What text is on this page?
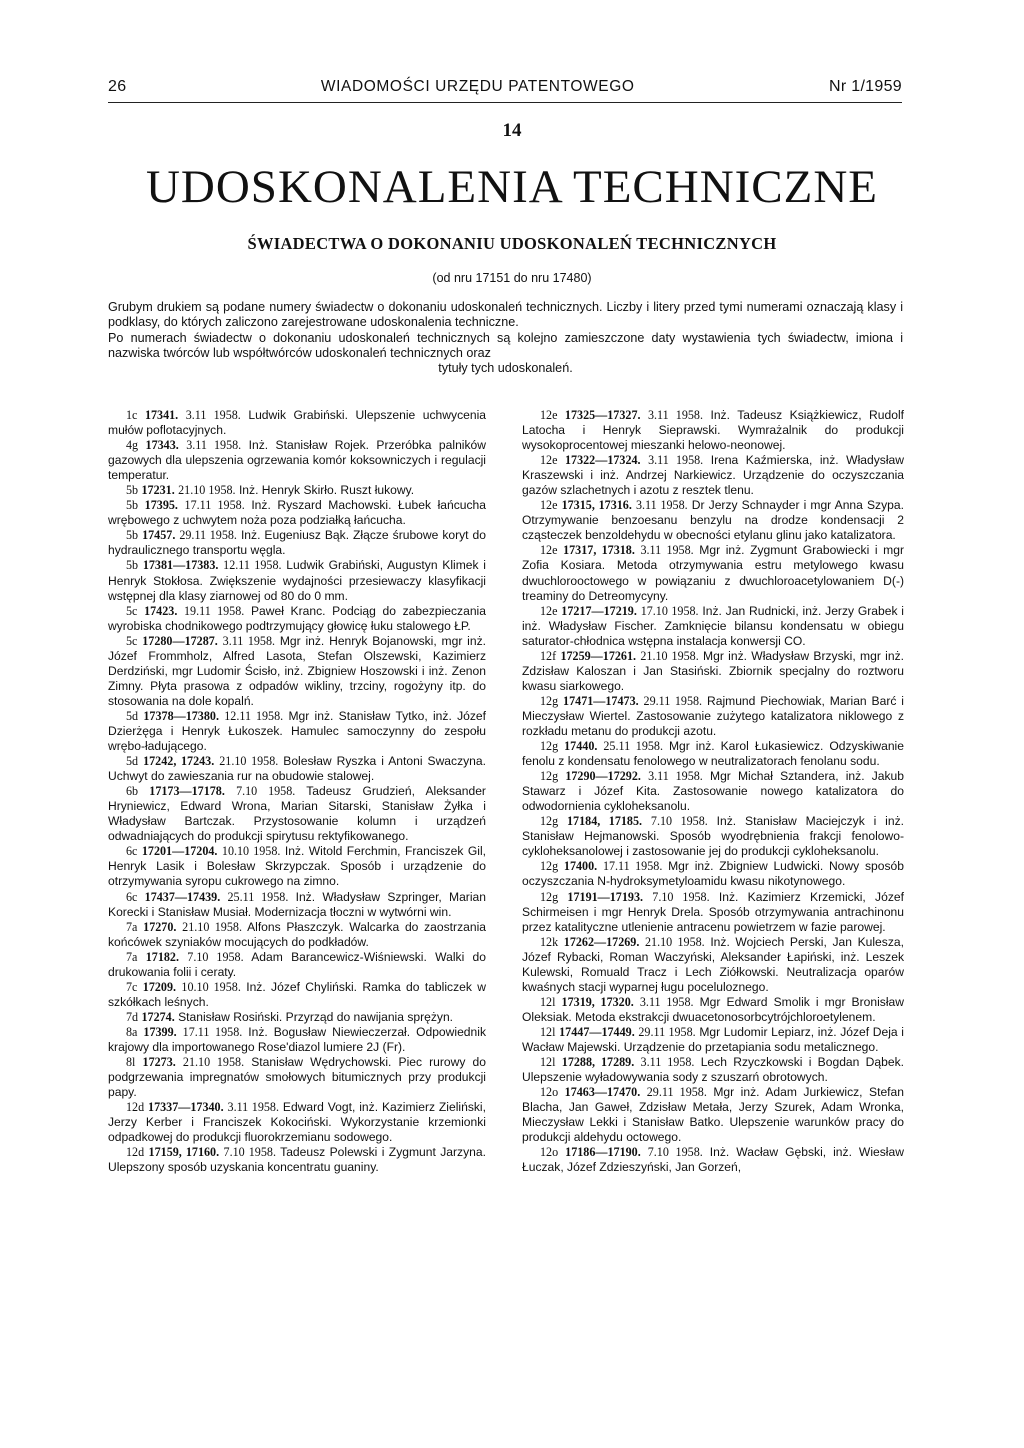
26	WIADOMOŚCI URZĘDU PATENTOWEGO	Nr 1/1959
14
UDOSKONALENIA TECHNICZNE
ŚWIADECTWA O DOKONANIU UDOSKONALEŃ TECHNICZNYCH
(od nru 17151 do nru 17480)

Grubym drukiem są podane numery świadectw o dokonaniu udoskonaleń technicznych. Liczby i litery przed tymi numerami oznaczają klasy i podklasy, do których zaliczono zarejestrowane udoskonalenia techniczne.

Po numerach świadectw o dokonaniu udoskonaleń technicznych są kolejno zamieszczone daty wystawienia tych świadectw, imiona i nazwiska twórców lub współtwórców udoskonaleń technicznych oraz

tytuły tych udoskonaleń.

1c 17341. 3.11 1958. Ludwik Grabiński. Ulepszenie uchwycenia mułów poflotacyjnych.

4g 17343. 3.11 1958. Inż. Stanisław Rojek. Przeróbka palników gazowych dla ulepszenia ogrzewania komór koksowniczych i regulacji temperatur.

5b 17231. 21.10 1958. Inż. Henryk Skirło. Ruszt łukowy.

5b 17395. 17.11 1958. Inż. Ryszard Machowski. Łubek łańcucha wrębowego z uchwytem noża poza podziałką łańcucha.

5b 17457. 29.11 1958. Inż. Eugeniusz Bąk. Złącze śrubowe koryt do hydraulicznego transportu węgla.

5b 17381—17383. 12.11 1958. Ludwik Grabiński, Augustyn Klimek i Henryk Stokłosa. Zwiększenie wydajności przesiewaczy klasyfikacji wstępnej dla klasy ziarnowej od 80 do 0 mm.

5c 17423. 19.11 1958. Paweł Kranc. Podciąg do zabezpieczania wyrobiska chodnikowego podtrzymujący głowicę łuku stalowego ŁP.

5c 17280—17287. 3.11 1958. Mgr inż. Henryk Bojanowski, mgr inż. Józef Frommholz, Alfred Lasota, Stefan Olszewski, Kazimierz Derdziński, mgr Ludomir Ścisło, inż. Zbigniew Hoszowski i inż. Zenon Zimny. Płyta prasowa z odpadów wikliny, trzciny, rogożyny itp. do stosowania na dole kopalń.

5d 17378—17380. 12.11 1958. Mgr inż. Stanisław Tytko, inż. Józef Dzierżęga i Henryk Łukoszek. Hamulec samoczynny do zespołu wrębo-ładującego.

5d 17242, 17243. 21.10 1958. Bolesław Ryszka i Antoni Swaczyna. Uchwyt do zawieszania rur na obudowie stalowej.

6b 17173—17178. 7.10 1958. Tadeusz Grudzień, Aleksander Hryniewicz, Edward Wrona, Marian Sitarski, Stanisław Żyłka i Władysław Bartczak. Przystosowanie kolumn i urządzeń odwadniających do produkcji spirytusu rektyfikowanego.

6c 17201—17204. 10.10 1958. Inż. Witold Ferchmin, Franciszek Gil, Henryk Lasik i Bolesław Skrzypczak. Sposób i urządzenie do otrzymywania syropu cukrowego na zimno.

6c 17437—17439. 25.11 1958. Inż. Władysław Szpringer, Marian Korecki i Stanisław Musiał. Modernizacja tłoczni w wytwórni win.

7a 17270. 21.10 1958. Alfons Płaszczyk. Walcarka do zaostrzania końcówek szyniaków mocujących do podkładów.

7a 17182. 7.10 1958. Adam Barancewicz-Wiśniewski. Walki do drukowania folii i ceraty.

7c 17209. 10.10 1958. Inż. Józef Chyliński. Ramka do tabliczek w szkółkach leśnych.

7d 17274. Stanisław Rosiński. Przyrząd do nawijania sprężyn.

8a 17399. 17.11 1958. Inż. Bogusław Niewieczerzał. Odpowiednik krajowy dla importowanego Rose'diazol lumiere 2J (Fr).

8l 17273. 21.10 1958. Stanisław Wędrychowski. Piec rurowy do podgrzewania impregnatów smołowych bitumicznych przy produkcji papy.

12d 17337—17340. 3.11 1958. Edward Vogt, inż. Kazimierz Zieliński, Jerzy Kerber i Franciszek Kokociński. Wykorzystanie krzemionki odpadkowej do produkcji fluorokrzemianu sodowego.

12d 17159, 17160. 7.10 1958. Tadeusz Polewski i Zygmunt Jarzyna. Ulepszony sposób uzyskania koncentratu guaniny.

12e 17325—17327. 3.11 1958. Inż. Tadeusz Książkiewicz, Rudolf Latocha i Henryk Sieprawski. Wymrażalnik do produkcji wysokoprocentowej mieszanki helowo-neonowej.

12e 17322—17324. 3.11 1958. Irena Kaźmierska, inż. Władysław Kraszewski i inż. Andrzej Narkiewicz. Urządzenie do oczyszczania gazów szlachetnych i azotu z resztek tlenu.

12e 17315, 17316. 3.11 1958. Dr Jerzy Schnayder i mgr Anna Szypa. Otrzymywanie benzoesanu benzylu na drodze kondensacji 2 cząsteczek benzoldehydu w obecności etylanu glinu jako katalizatora.

12e 17317, 17318. 3.11 1958. Mgr inż. Zygmunt Grabowiecki i mgr Zofia Kosiara. Metoda otrzymywania estru metylowego kwasu dwuchlorooctowego w powiązaniu z dwuchloroacetylowaniem D(-) treaminy do Detreomycyny.

12e 17217—17219. 17.10 1958. Inż. Jan Rudnicki, inż. Jerzy Grabek i inż. Władysław Fischer. Zamknięcie bilansu kondensatu w obiegu saturator-chłodnica wstępna instalacja konwersji CO.

12f 17259—17261. 21.10 1958. Mgr inż. Władysław Brzyski, mgr inż. Zdzisław Kaloszan i Jan Stasiński. Zbiornik specjalny do roztworu kwasu siarkowego.

12g 17471—17473. 29.11 1958. Rajmund Piechowiak, Marian Barć i Mieczysław Wiertel. Zastosowanie zużytego katalizatora niklowego z rozkładu metanu do produkcji azotu.

12g 17440. 25.11 1958. Mgr inż. Karol Łukasiewicz. Odzyskiwanie fenolu z kondensatu fenolowego w neutralizatorach fenolanu sodu.

12g 17290—17292. 3.11 1958. Mgr Michał Sztandera, inż. Jakub Stawarz i Józef Kita. Zastosowanie nowego katalizatora do odwodornienia cykloheksanolu.

12g 17184, 17185. 7.10 1958. Inż. Stanisław Maciejczyk i inż. Stanisław Hejmanowski. Sposób wyodrębnienia frakcji fenolowo-cykloheksanolowej i zastosowanie jej do produkcji cykloheksanolu.

12g 17400. 17.11 1958. Mgr inż. Zbigniew Ludwicki. Nowy sposób oczyszczania N-hydroksymetyloamidu kwasu nikotynowego.

12g 17191—17193. 7.10 1958. Inż. Kazimierz Krzemicki, Józef Schirmeisen i mgr Henryk Drela. Sposób otrzymywania antrachinonu przez katalityczne utlenienie antracenu powietrzem w fazie parowej.

12k 17262—17269. 21.10 1958. Inż. Wojciech Perski, Jan Kulesza, Józef Rybacki, Roman Waczyński, Aleksander Łapiński, inż. Leszek Kulewski, Romuald Tracz i Lech Ziółkowski. Neutralizacja oparów kwaśnych stacji wyparnej ługu poceluloznego.

12l 17319, 17320. 3.11 1958. Mgr Edward Smolik i mgr Bronisław Oleksiak. Metoda ekstrakcji dwuacetonosorbcytrójchloroetylenem.

12l 17447—17449. 29.11 1958. Mgr Ludomir Lepiarz, inż. Józef Deja i Wacław Majewski. Urządzenie do przetapiania sodu metalicznego.

12l 17288, 17289. 3.11 1958. Lech Rzyczkowski i Bogdan Dąbek. Ulepszenie wyładowywania sody z szuszarń obrotowych.

12o 17463—17470. 29.11 1958. Mgr inż. Adam Jurkiewicz, Stefan Blacha, Jan Gaweł, Zdzisław Metała, Jerzy Szurek, Adam Wronka, Mieczysław Lekki i Stanisław Batko. Ulepszenie warunków pracy do produkcji aldehydu octowego.

12o 17186—17190. 7.10 1958. Inż. Wacław Gębski, inż. Wiesław Łuczak, Józef Zdzieszyński, Jan Gorzeń,
